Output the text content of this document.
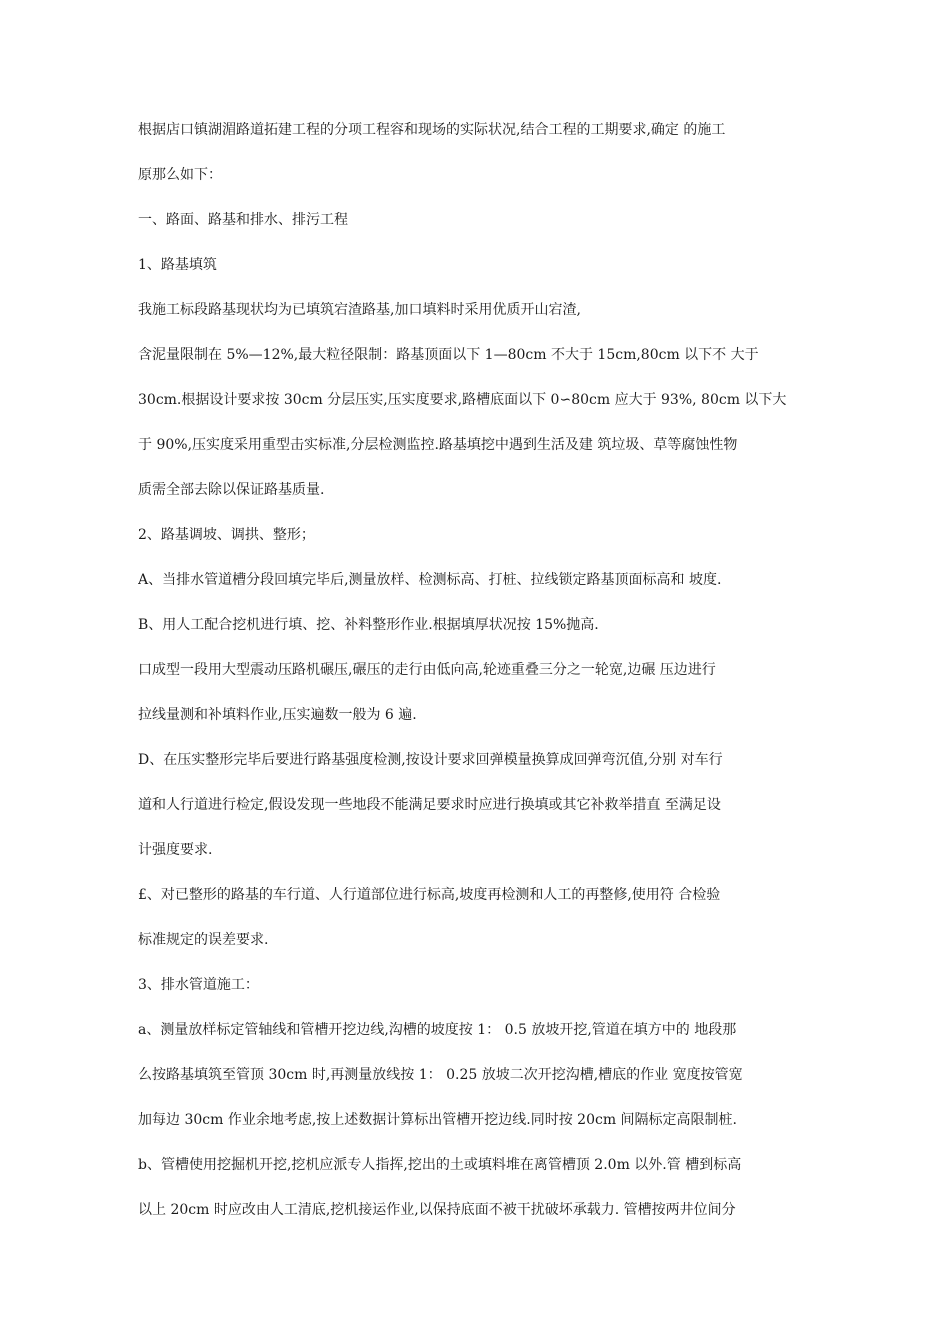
根据店口镇湖湄路道拓建工程的分项工程容和现场的实际状况,结合工程的工期要求,确定 的施工
原那么如下：
一、路面、路基和排水、排污工程
1、路基填筑
我施工标段路基现状均为已填筑宕渣路基,加口填料时采用优质开山宕渣,
含泥量限制在 5%—12%,最大粒径限制：路基顶面以下 1—80cm 不大于 15cm,80cm 以下不 大于
30cm.根据设计要求按 30cm 分层压实,压实度要求,路槽底面以下 0∽80cm 应大于 93%, 80cm 以下大
于 90%,压实度采用重型击实标准,分层检测监控.路基填挖中遇到生活及建 筑垃圾、草等腐蚀性物
质需全部去除以保证路基质量.
2、路基调坡、调拱、整形；
A、当排水管道槽分段回填完毕后,测量放样、检测标高、打桩、拉线锁定路基顶面标高和 坡度.
B、用人工配合挖机进行填、挖、补料整形作业.根据填厚状况按 15%抛高.
口成型一段用大型震动压路机碾压,碾压的走行由低向高,轮迹重叠三分之一轮宽,边碾 压边进行
拉线量测和补填料作业,压实遍数一般为 6 遍.
D、在压实整形完毕后要进行路基强度检测,按设计要求回弹模量换算成回弹弯沉值,分别 对车行
道和人行道进行检定,假设发现一些地段不能满足要求时应进行换填或其它补救举措直 至满足设
计强度要求.
£、对已整形的路基的车行道、人行道部位进行标高,坡度再检测和人工的再整修,使用符 合检验
标准规定的误差要求.
3、排水管道施工：
a、测量放样标定管轴线和管槽开挖边线,沟槽的坡度按 1： 0.5 放坡开挖,管道在填方中的 地段那
么按路基填筑至管顶 30cm 时,再测量放线按 1： 0.25 放坡二次开挖沟槽,槽底的作业 宽度按管宽
加每边 30cm 作业余地考虑,按上述数据计算标出管槽开挖边线.同时按 20cm 间隔标定高限制桩.
b、管槽使用挖掘机开挖,挖机应派专人指挥,挖出的土或填料堆在离管槽顶 2.0m 以外.管 槽到标高
以上 20cm 时应改由人工清底,挖机接运作业,以保持底面不被干扰破坏承载力. 管槽按两井位间分
